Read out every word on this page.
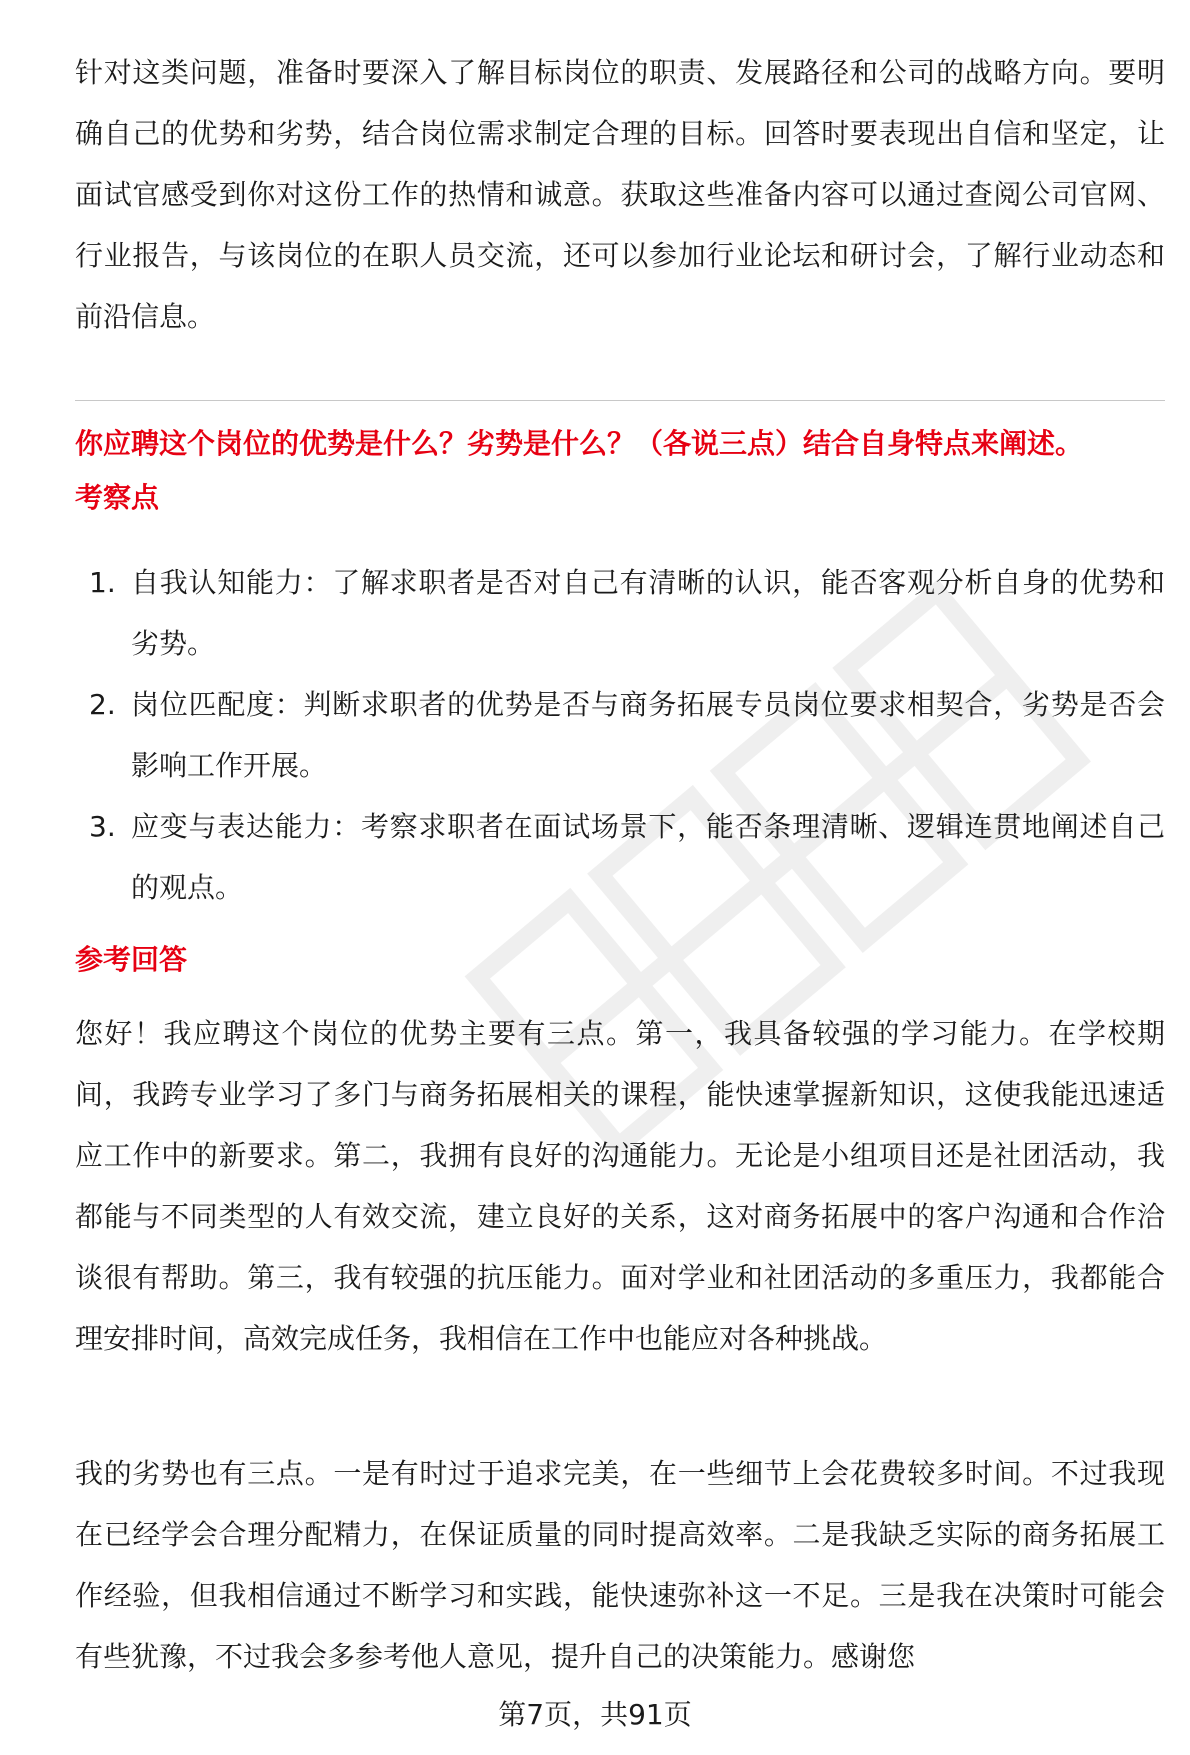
针对这类问题，准备时要深入了解目标岗位的职责、发展路径和公司的战略方向。要明确自己的优势和劣势，结合岗位需求制定合理的目标。回答时要表现出自信和坚定，让面试官感受到你对这份工作的热情和诚意。获取这些准备内容可以通过查阅公司官网、行业报告，与该岗位的在职人员交流，还可以参加行业论坛和研讨会，了解行业动态和前沿信息。

你应聘这个岗位的优势是什么？劣势是什么？（各说三点）结合自身特点来阐述。

考察点

1. 自我认知能力：了解求职者是否对自己有清晰的认识，能否客观分析自身的优势和劣势。
2. 岗位匹配度：判断求职者的优势是否与商务拓展专员岗位要求相契合，劣势是否会影响工作开展。
3. 应变与表达能力：考察求职者在面试场景下，能否条理清晰、逻辑连贯地阐述自己的观点。

参考回答

您好！我应聘这个岗位的优势主要有三点。第一，我具备较强的学习能力。在学校期间，我跨专业学习了多门与商务拓展相关的课程，能快速掌握新知识，这使我能迅速适应工作中的新要求。第二，我拥有良好的沟通能力。无论是小组项目还是社团活动，我都能与不同类型的人有效交流，建立良好的关系，这对商务拓展中的客户沟通和合作洽谈很有帮助。第三，我有较强的抗压能力。面对学业和社团活动的多重压力，我都能合理安排时间，高效完成任务，我相信在工作中也能应对各种挑战。

我的劣势也有三点。一是有时过于追求完美，在一些细节上会花费较多时间。不过我现在已经学会合理分配精力，在保证质量的同时提高效率。二是我缺乏实际的商务拓展工作经验，但我相信通过不断学习和实践，能快速弥补这一不足。三是我在决策时可能会有些犹豫，不过我会多参考他人意见，提升自己的决策能力。感谢您

第7页，共91页
